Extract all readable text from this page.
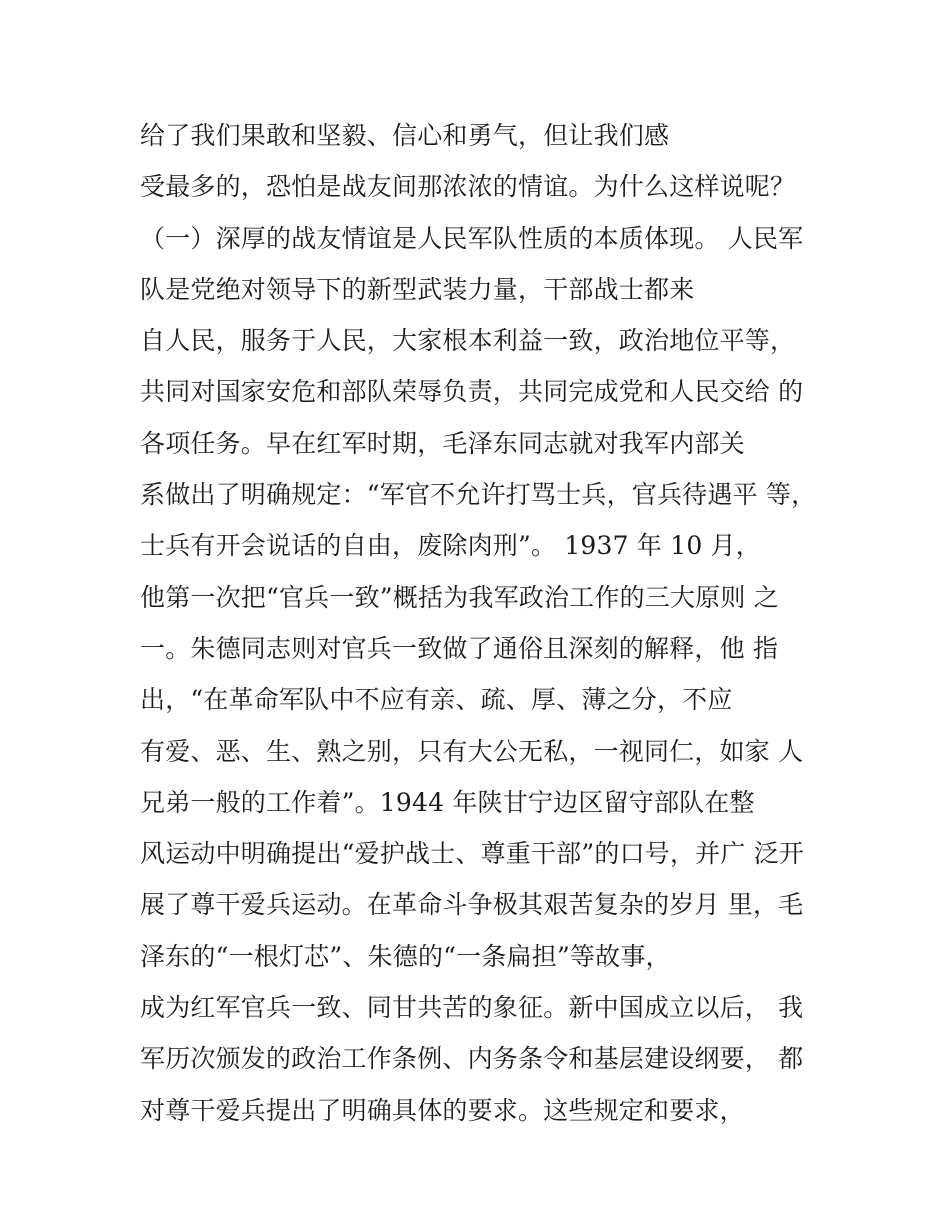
给了我们果敢和坚毅、信心和勇气，但让我们感
受最多的，恐怕是战友间那浓浓的情谊。为什么这样说呢？
（一）深厚的战友情谊是人民军队性质的本质体现。 人民军
队是党绝对领导下的新型武装力量，干部战士都来
自人民，服务于人民，大家根本利益一致，政治地位平等，
共同对国家安危和部队荣辱负责，共同完成党和人民交给 的
各项任务。早在红军时期，毛泽东同志就对我军内部关
系做出了明确规定：“军官不允许打骂士兵，官兵待遇平 等，
士兵有开会说话的自由，废除肉刑”。 1937 年 10 月，
他第一次把“官兵一致”概括为我军政治工作的三大原则 之
一。朱德同志则对官兵一致做了通俗且深刻的解释，他 指
出，“在革命军队中不应有亲、疏、厚、薄之分，不应
有爱、恶、生、熟之别，只有大公无私，一视同仁，如家 人
兄弟一般的工作着”。1944 年陕甘宁边区留守部队在整
风运动中明确提出“爱护战士、尊重干部”的口号，并广 泛开
展了尊干爱兵运动。在革命斗争极其艰苦复杂的岁月 里，毛
泽东的“一根灯芯”、朱德的“一条扁担”等故事，
成为红军官兵一致、同甘共苦的象征。新中国成立以后， 我
军历次颁发的政治工作条例、内务条令和基层建设纲要， 都
对尊干爱兵提出了明确具体的要求。这些规定和要求，
